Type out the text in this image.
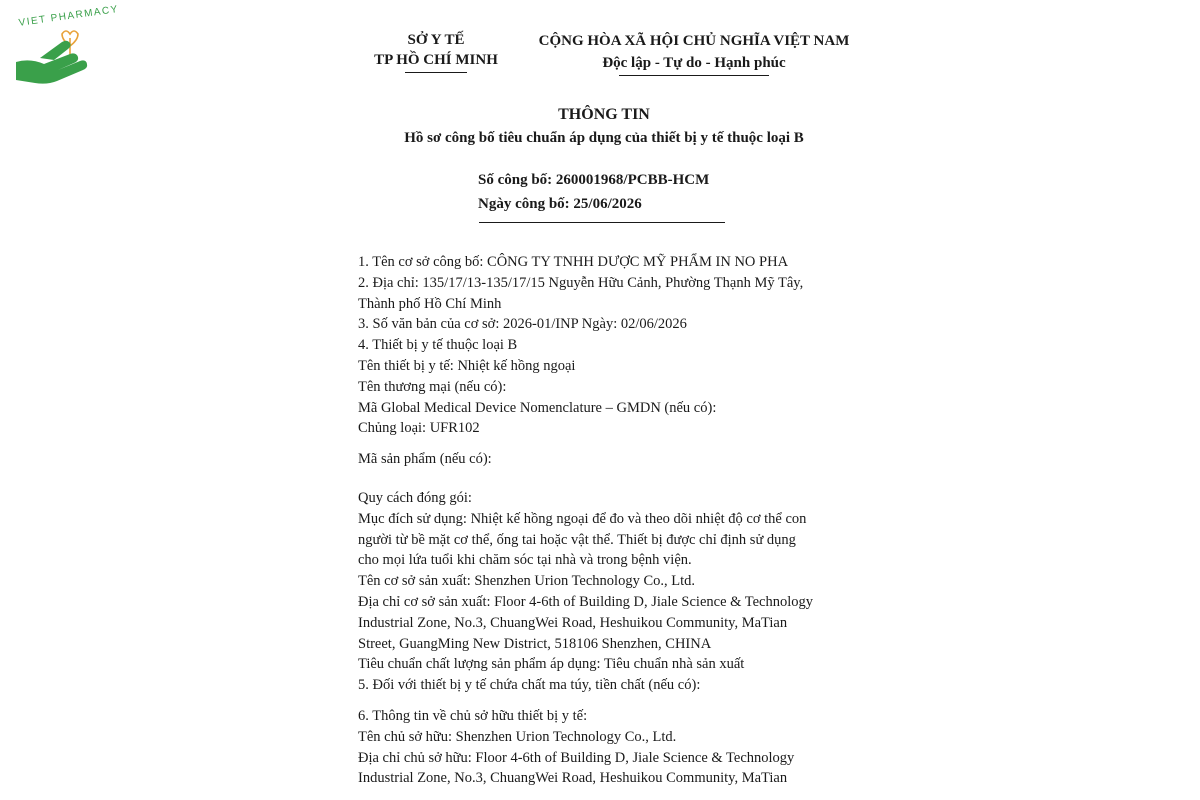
VIET PHARMACY
SỞ Y TẾ
TP HỒ CHÍ MINH
CỘNG HÒA XÃ HỘI CHỦ NGHĨA VIỆT NAM
Độc lập - Tự do - Hạnh phúc
THÔNG TIN
Hồ sơ công bố tiêu chuẩn áp dụng của thiết bị y tế thuộc loại B
Số công bố: 260001968/PCBB-HCM
Ngày công bố: 25/06/2026
1. Tên cơ sở công bố: CÔNG TY TNHH DƯỢC MỸ PHẨM IN NO PHA
2. Địa chỉ: 135/17/13-135/17/15 Nguyễn Hữu Cảnh, Phường Thạnh Mỹ Tây,
Thành phố Hồ Chí Minh
3. Số văn bản của cơ sở: 2026-01/INP Ngày: 02/06/2026
4. Thiết bị y tế thuộc loại B
Tên thiết bị y tế: Nhiệt kế hồng ngoại
Tên thương mại (nếu có):
Mã Global Medical Device Nomenclature – GMDN (nếu có):
Chủng loại: UFR102
Mã sản phẩm (nếu có):
Quy cách đóng gói:
Mục đích sử dụng: Nhiệt kế hồng ngoại để đo và theo dõi nhiệt độ cơ thể con
người từ bề mặt cơ thể, ống tai hoặc vật thể. Thiết bị được chỉ định sử dụng
cho mọi lứa tuổi khi chăm sóc tại nhà và trong bệnh viện.
Tên cơ sở sản xuất: Shenzhen Urion Technology Co., Ltd.
Địa chỉ cơ sở sản xuất: Floor 4-6th of Building D, Jiale Science & Technology
Industrial Zone, No.3, ChuangWei Road, Heshuikou Community, MaTian
Street, GuangMing New District, 518106 Shenzhen, CHINA
Tiêu chuẩn chất lượng sản phẩm áp dụng: Tiêu chuẩn nhà sản xuất
5. Đối với thiết bị y tế chứa chất ma túy, tiền chất (nếu có):
6. Thông tin về chủ sở hữu thiết bị y tế:
Tên chủ sở hữu: Shenzhen Urion Technology Co., Ltd.
Địa chỉ chủ sở hữu: Floor 4-6th of Building D, Jiale Science & Technology
Industrial Zone, No.3, ChuangWei Road, Heshuikou Community, MaTian
